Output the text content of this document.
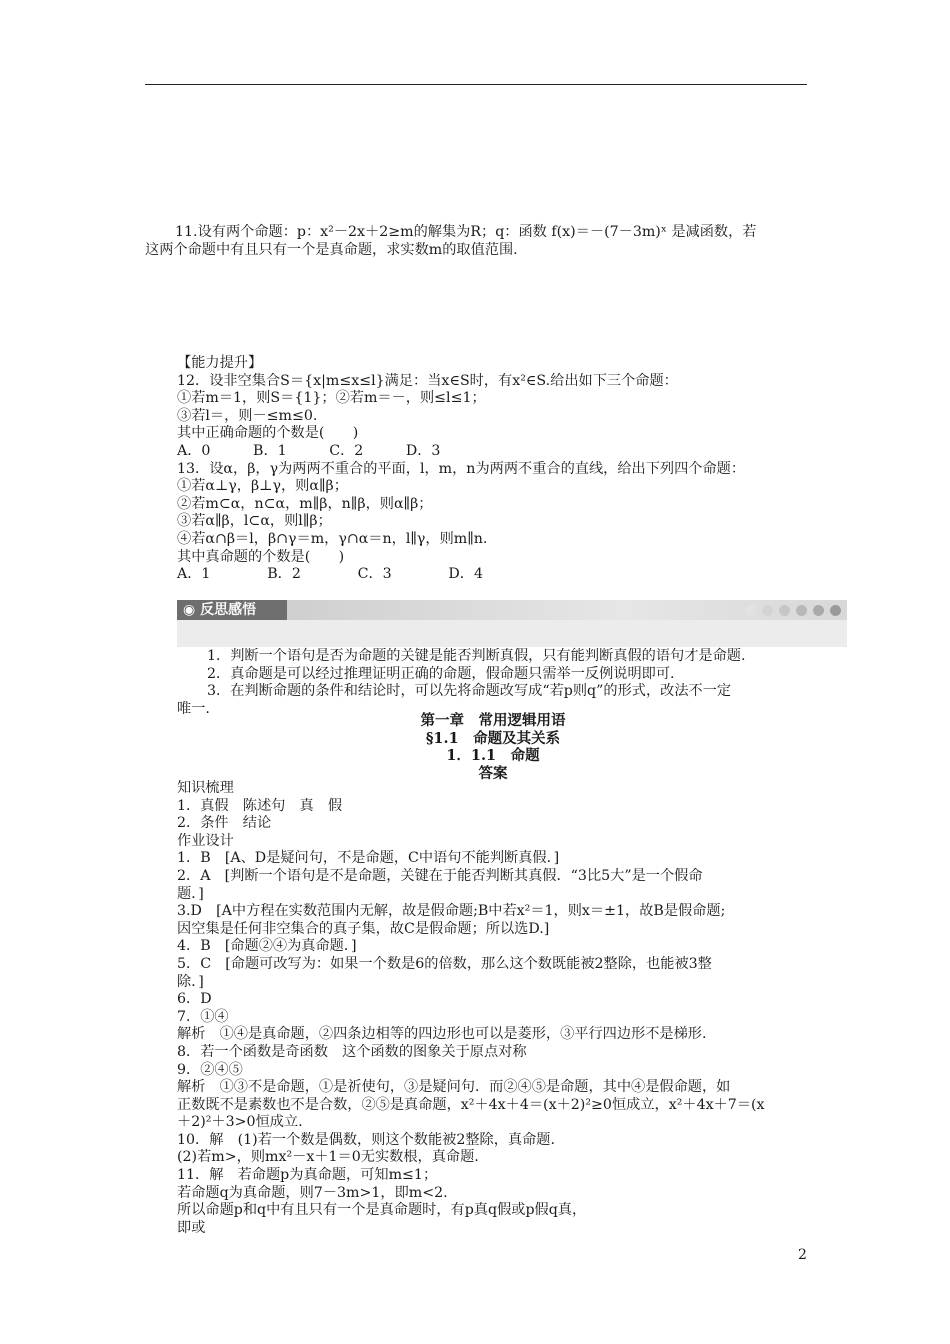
11.设有两个命题：p：x²－2x＋2≥m的解集为R；q：函数 f(x)＝－(7－3m)ˣ 是减函数，若
这两个命题中有且只有一个是真命题，求实数m的取值范围.
【能力提升】
12．设非空集合S＝{x|m≤x≤l}满足：当x∈S时，有x²∈S.给出如下三个命题：
①若m＝1，则S＝{1}；②若m＝－，则≤l≤1；
③若l＝，则－≤m≤0.
其中正确命题的个数是(　　)
A．0　　　B．1　　　C．2　　　D．3
13．设α，β，γ为两两不重合的平面，l，m，n为两两不重合的直线，给出下列四个命题：
①若α⊥γ，β⊥γ，则α∥β；
②若m⊂α，n⊂α，m∥β，n∥β，则α∥β；
③若α∥β，l⊂α，则l∥β；
④若α∩β＝l，β∩γ＝m，γ∩α＝n，l∥γ，则m∥n.
其中真命题的个数是(　　)
A．1　　　　B．2　　　　C．3　　　　D．4
◉ 反思感悟
1．判断一个语句是否为命题的关键是能否判断真假，只有能判断真假的语句才是命题.
2．真命题是可以经过推理证明正确的命题，假命题只需举一反例说明即可.
3．在判断命题的条件和结论时，可以先将命题改写成“若p则q”的形式，改法不一定
唯一.
第一章　常用逻辑用语
§1.1　命题及其关系
1．1.1　命题
答案
知识梳理
1．真假　陈述句　真　假
2．条件　结论
作业设计
1．B　[A、D是疑问句，不是命题，C中语句不能判断真假．]
2．A　[判断一个语句是不是命题，关键在于能否判断其真假．“3比5大”是一个假命
题．]
3.D　[A中方程在实数范围内无解，故是假命题;B中若x²＝1，则x＝±1，故B是假命题;
因空集是任何非空集合的真子集，故C是假命题；所以选D.]
4．B　[命题②④为真命题．]
5．C　[命题可改写为：如果一个数是6的倍数，那么这个数既能被2整除，也能被3整
除．]
6．D
7．①④
解析　①④是真命题，②四条边相等的四边形也可以是菱形，③平行四边形不是梯形.
8．若一个函数是奇函数　这个函数的图象关于原点对称
9．②④⑤
解析　①③不是命题，①是祈使句，③是疑问句．而②④⑤是命题，其中④是假命题，如
正数既不是素数也不是合数，②⑤是真命题，x²＋4x＋4＝(x＋2)²≥0恒成立，x²＋4x＋7＝(x
＋2)²＋3>0恒成立.
10．解　(1)若一个数是偶数，则这个数能被2整除，真命题.
(2)若m>，则mx²－x＋1＝0无实数根，真命题.
11．解　若命题p为真命题，可知m≤1；
若命题q为真命题，则7－3m>1，即m<2.
所以命题p和q中有且只有一个是真命题时，有p真q假或p假q真，
即或
2
